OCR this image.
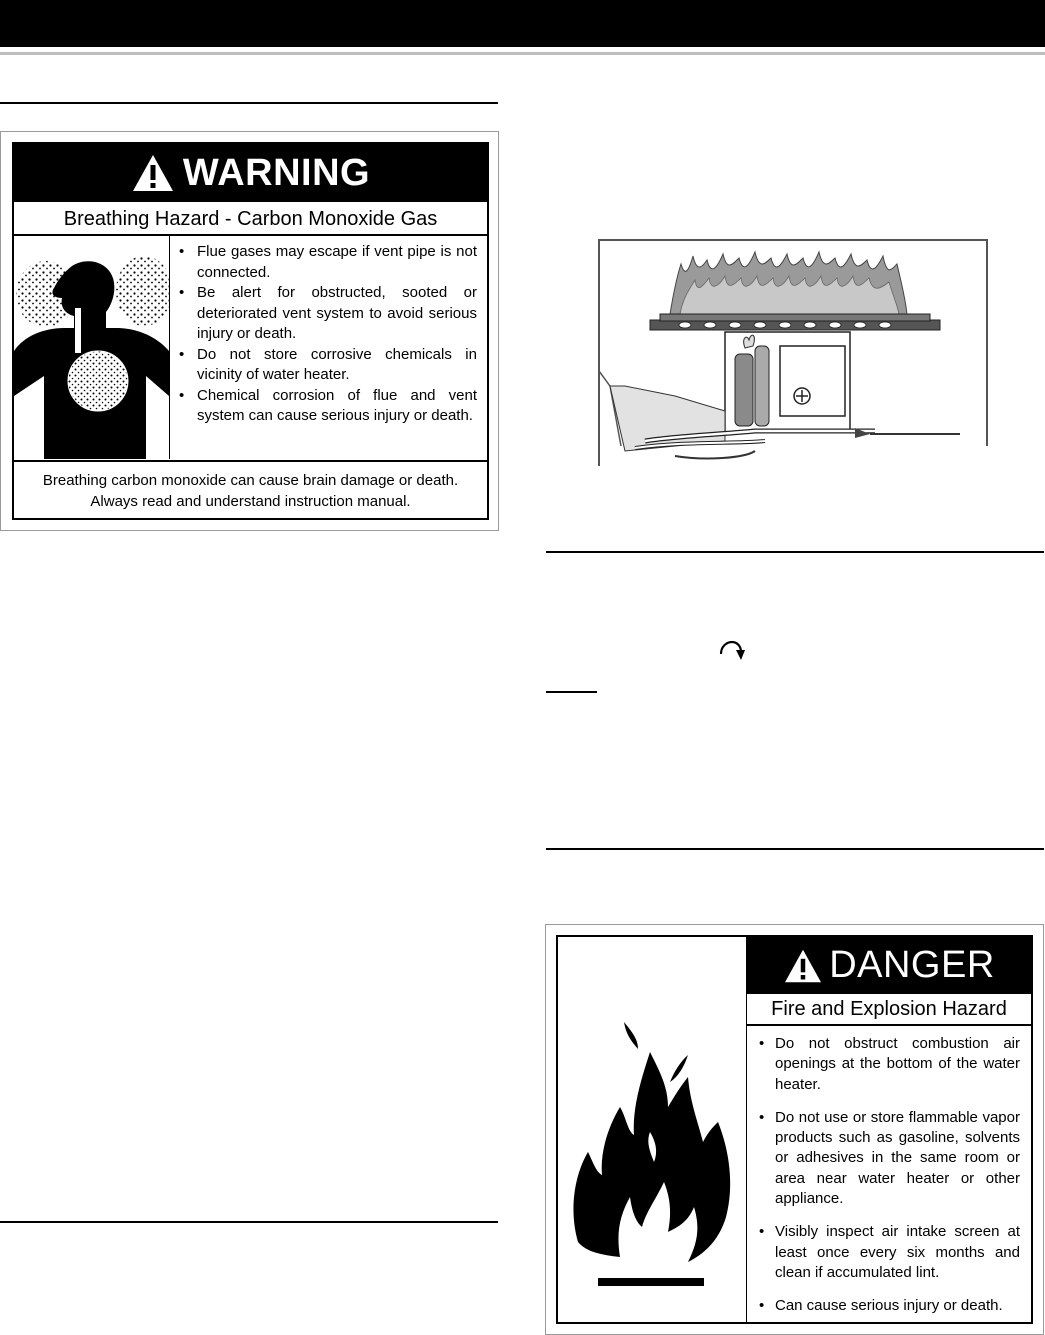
WARNING
Breathing Hazard - Carbon Monoxide Gas
• Flue gases may escape if vent pipe is not connected.
• Be alert for obstructed, sooted or deteriorated vent system to avoid serious injury or death.
• Do not store corrosive chemicals in vicinity of water heater.
• Chemical corrosion of flue and vent system can cause serious injury or death.
Breathing carbon monoxide can cause brain damage or death.
Always read and understand instruction manual.
DANGER
Fire and Explosion Hazard
• Do not obstruct combustion air openings at the bottom of the water heater.
• Do not use or store flammable vapor products such as gasoline, solvents or adhesives in the same room or area near water heater or other appliance.
• Visibly inspect air intake screen at least once every six months and clean if accumulated lint.
• Can cause serious injury or death.
